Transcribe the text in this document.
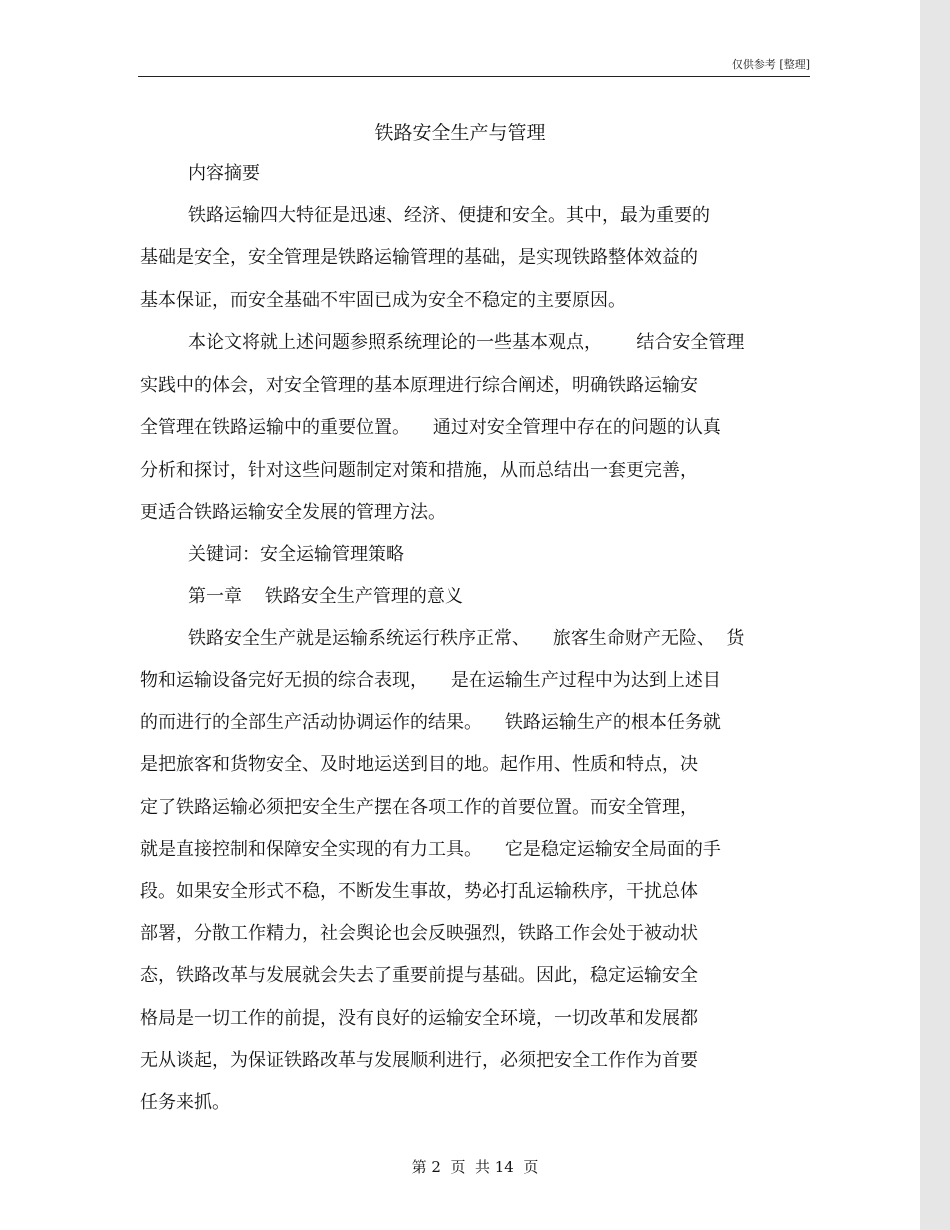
仅供参考 [整理]
铁路安全生产与管理
内容摘要
铁路运输四大特征是迅速、经济、便捷和安全。其中，最为重要的
基础是安全，安全管理是铁路运输管理的基础，是实现铁路整体效益的
基本保证，而安全基础不牢固已成为安全不稳定的主要原因。
本论文将就上述问题参照系统理论的一些基本观点，      结合安全管理
实践中的体会，对安全管理的基本原理进行综合阐述，明确铁路运输安
全管理在铁路运输中的重要位置。    通过对安全管理中存在的问题的认真
分析和探讨，针对这些问题制定对策和措施，从而总结出一套更完善，
更适合铁路运输安全发展的管理方法。
关键词：安全运输管理策略
第一章    铁路安全生产管理的意义
铁路安全生产就是运输系统运行秩序正常、    旅客生命财产无险、  货
物和运输设备完好无损的综合表现，    是在运输生产过程中为达到上述目
的而进行的全部生产活动协调运作的结果。    铁路运输生产的根本任务就
是把旅客和货物安全、及时地运送到目的地。起作用、性质和特点，决
定了铁路运输必须把安全生产摆在各项工作的首要位置。而安全管理，
就是直接控制和保障安全实现的有力工具。    它是稳定运输安全局面的手
段。如果安全形式不稳，不断发生事故，势必打乱运输秩序，干扰总体
部署，分散工作精力，社会舆论也会反映强烈，铁路工作会处于被动状
态，铁路改革与发展就会失去了重要前提与基础。因此，稳定运输安全
格局是一切工作的前提，没有良好的运输安全环境，一切改革和发展都
无从谈起，为保证铁路改革与发展顺利进行，必须把安全工作作为首要
任务来抓。
第 2  页  共 14  页
